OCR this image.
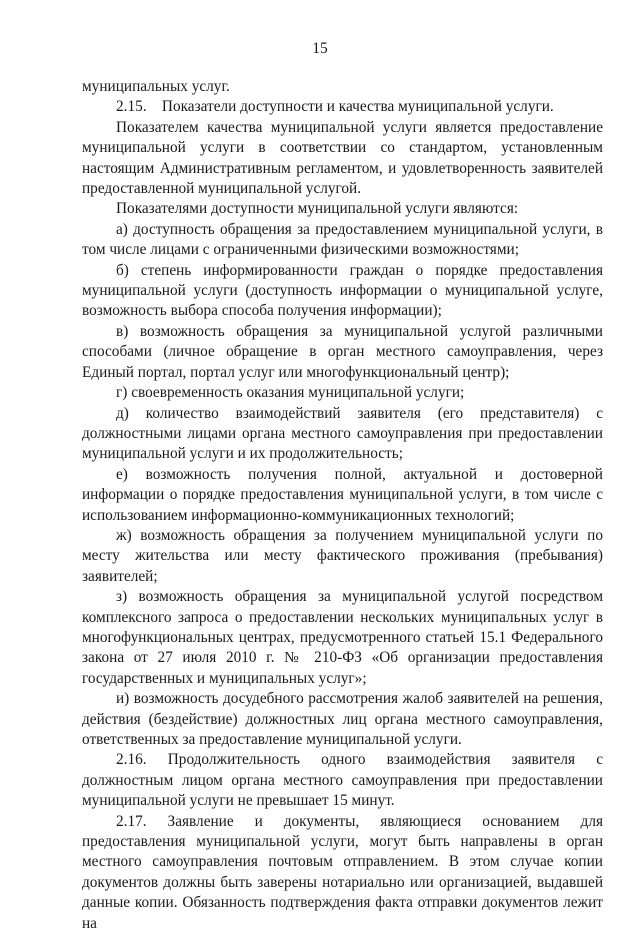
15

муниципальных услуг.

2.15.    Показатели доступности и качества муниципальной услуги.

Показателем качества муниципальной услуги является предоставление муниципальной услуги в соответствии со стандартом, установленным настоящим Административным регламентом, и удовлетворенность заявителей предоставленной муниципальной услугой.

Показателями доступности муниципальной услуги являются:

а) доступность обращения за предоставлением муниципальной услуги, в том числе лицами с ограниченными физическими возможностями;

б) степень информированности граждан о порядке предоставления муниципальной услуги (доступность информации о муниципальной услуге, возможность выбора способа получения информации);

в) возможность обращения за муниципальной услугой различными способами (личное обращение в орган местного самоуправления, через Единый портал, портал услуг или многофункциональный центр);

г) своевременность оказания муниципальной услуги;

д) количество взаимодействий заявителя (его представителя) с должностными лицами органа местного самоуправления при предоставлении муниципальной услуги и их продолжительность;

е) возможность получения полной, актуальной и достоверной информации о порядке предоставления муниципальной услуги, в том числе с использованием информационно-коммуникационных технологий;

ж) возможность обращения за получением муниципальной услуги по месту жительства или месту фактического проживания (пребывания) заявителей;

з) возможность обращения за муниципальной услугой посредством комплексного запроса о предоставлении нескольких муниципальных услуг в многофункциональных центрах, предусмотренного статьей 15.1 Федерального закона от 27 июля 2010 г. № 210-ФЗ «Об организации предоставления государственных и муниципальных услуг»;

и) возможность досудебного рассмотрения жалоб заявителей на решения, действия (бездействие) должностных лиц органа местного самоуправления, ответственных за предоставление муниципальной услуги.

2.16. Продолжительность одного взаимодействия заявителя с должностным лицом органа местного самоуправления при предоставлении муниципальной услуги не превышает 15 минут.

2.17. Заявление и документы, являющиеся основанием для предоставления муниципальной услуги, могут быть направлены в орган местного самоуправления почтовым отправлением. В этом случае копии документов должны быть заверены нотариально или организацией, выдавшей данные копии. Обязанность подтверждения факта отправки документов лежит на
